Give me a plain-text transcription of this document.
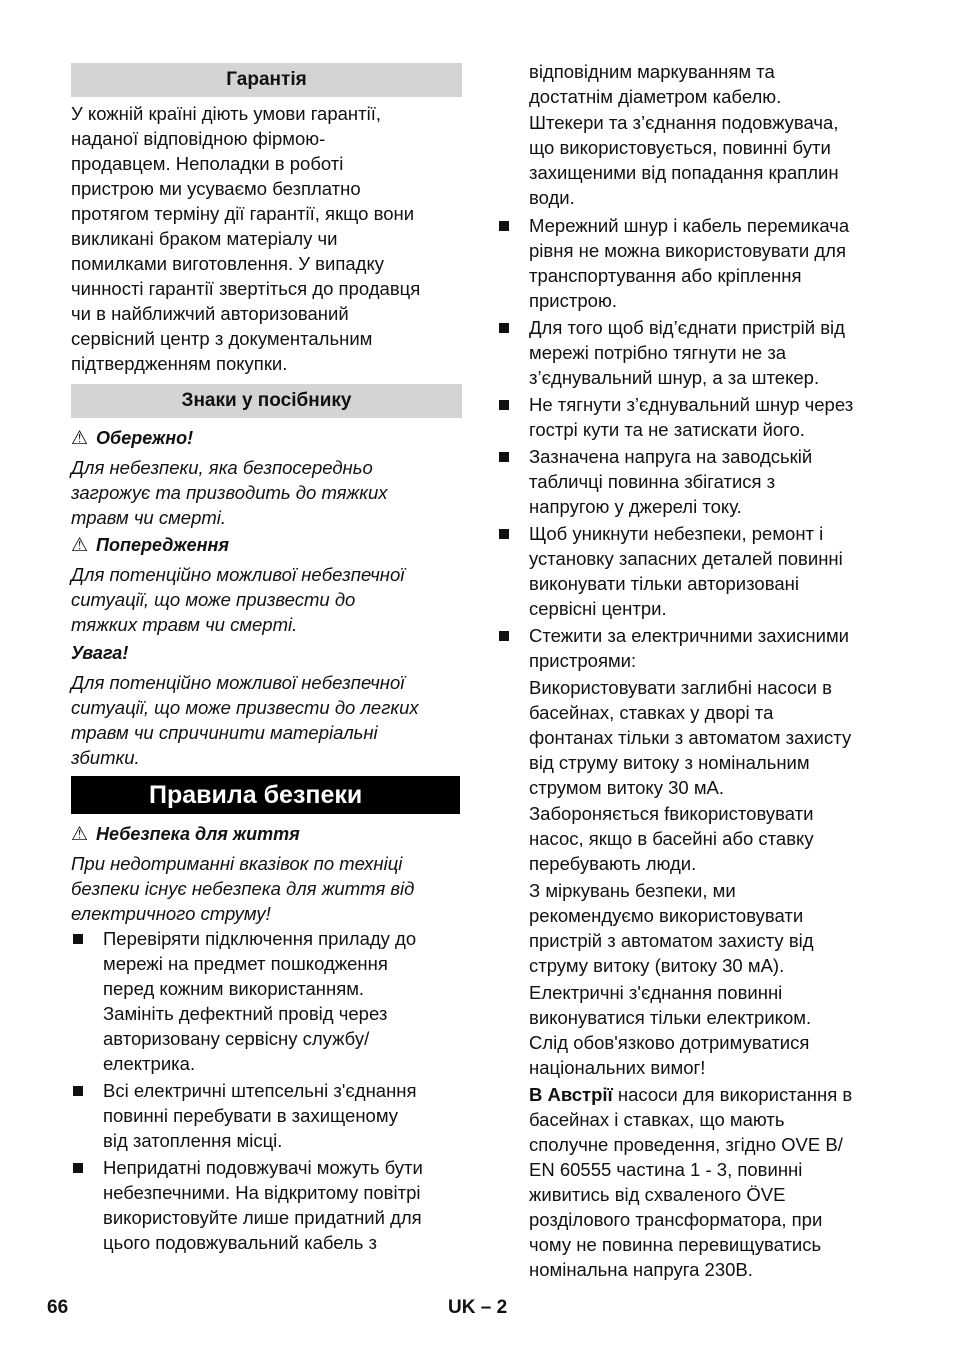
Гарантія

У кожній країні діють умови гарантії,

наданої відповідною фірмою-

продавцем. Неполадки в роботі

пристрою ми усуваємо безплатно

протягом терміну дії гарантії, якщо вони

викликані браком матеріалу чи

помилками виготовлення. У випадку

чинності гарантії звертіться до продавця

чи в найближчий авторизований

сервісний центр з документальним

підтвердженням покупки.

Знаки у посібнику
⚠ Обережно!

Для небезпеки, яка безпосередньо

загрожує та призводить до тяжких

травм чи смерті.

⚠ Попередження

Для потенційно можливої небезпечної

ситуації, що може призвести до

тяжких травм чи смерті.

Увага!

Для потенційно можливої небезпечної

ситуації, що може призвести до легких

травм чи спричинити матеріальні

збитки.

Правила безпеки
⚠ Небезпека для життя

При недотриманні вказівок по техніці

безпеки існує небезпека для життя від

електричного струму!

Перевіряти підключення приладу до

мережі на предмет пошкодження

перед кожним використанням.

Замініть дефектний провід через

авторизовану сервісну службу/

електрика.

Всі електричні штепсельні з'єднання

повинні перебувати в захищеному

від затоплення місці.

Непридатні подовжувачі можуть бути

небезпечними. На відкритому повітрі

використовуйте лише придатний для

цього подовжувальний кабель з

відповідним маркуванням та

достатнім діаметром кабелю.

Штекери та з’єднання подовжувача,

що використовується, повинні бути

захищеними від попадання краплин

води.

Мережний шнур і кабель перемикача

рівня не можна використовувати для

транспортування або кріплення

пристрою.

Для того щоб від’єднати пристрій від

мережі потрібно тягнути не за

з’єднувальний шнур, а за штекер.

Не тягнути з’єднувальний шнур через

гострі кути та не затискати його.

Зазначена напруга на заводській

табличці повинна збігатися з

напругою у джерелі току.

Щоб уникнути небезпеки, ремонт і

установку запасних деталей повинні

виконувати тільки авторизовані

сервісні центри.

Стежити за електричними захисними

пристроями:

Використовувати заглибні насоси в

басейнах, ставках у дворі та

фонтанах тільки з автоматом захисту

від струму витоку з номінальним

струмом витоку 30 мА.

Забороняється fвикористовувати

насос, якщо в басейні або ставку

перебувають люди.

З міркувань безпеки, ми

рекомендуємо використовувати

пристрій з автоматом захисту від

струму витоку (витоку 30 мА).

Електричні з'єднання повинні

виконуватися тільки електриком.

Слід обов'язково дотримуватися

національних вимог!

В Австрії насоси для використання в

басейнах і ставках, що мають

сполучне проведення, згідно OVE B/

EN 60555 частина 1 - 3, повинні

живитись від схваленого ÖVE

розділового трансформатора, при

чому не повинна перевищуватись

номінальна напруга 230В.

66	UK – 2
